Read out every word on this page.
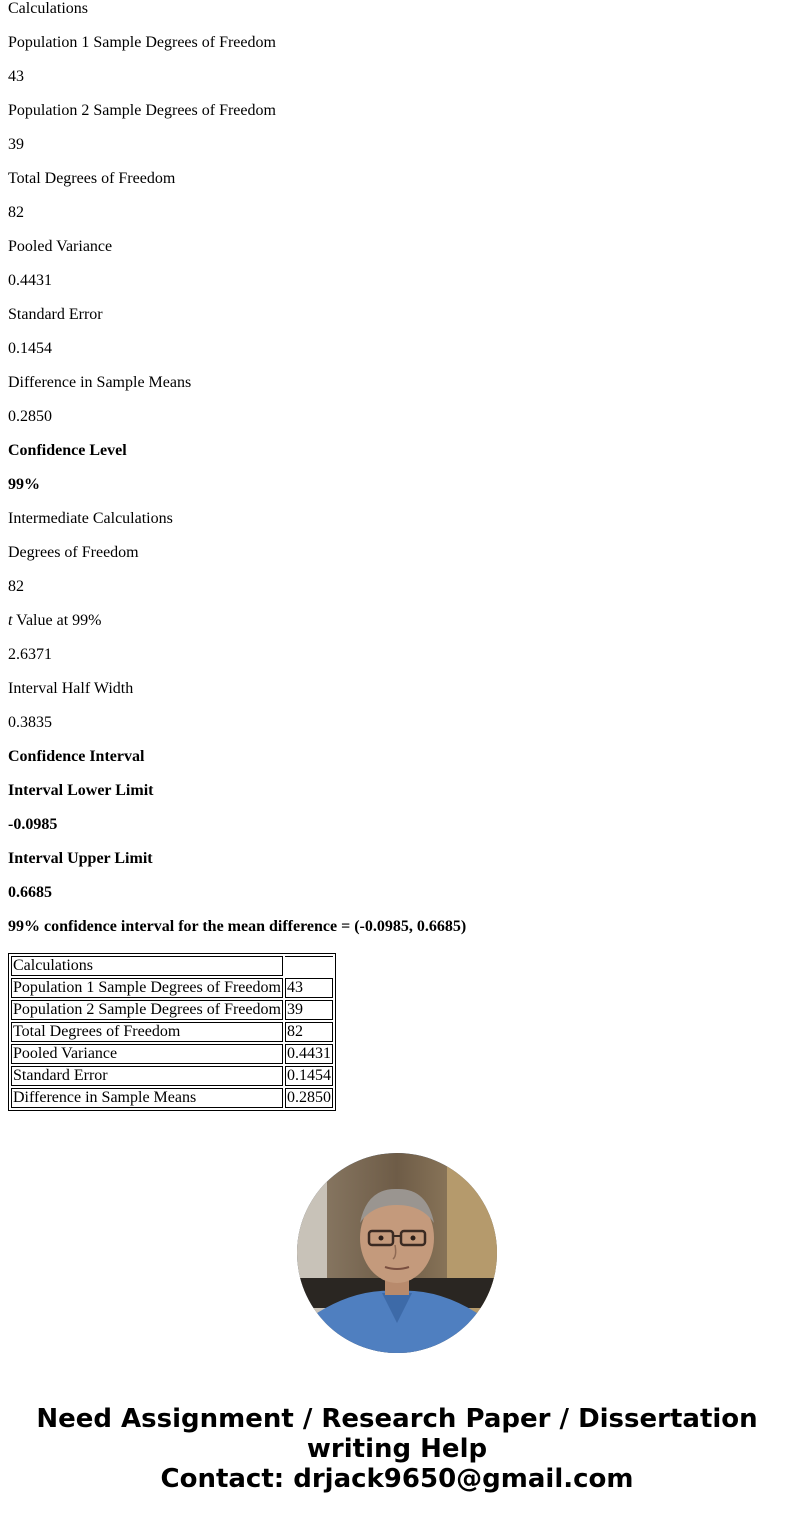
Calculations

Population 1 Sample Degrees of Freedom

43

Population 2 Sample Degrees of Freedom

39

Total Degrees of Freedom

82

Pooled Variance

0.4431

Standard Error

0.1454

Difference in Sample Means

0.2850

Confidence Level

99%

Intermediate Calculations

Degrees of Freedom

82

t Value at 99%

2.6371

Interval Half Width

0.3835

Confidence Interval

Interval Lower Limit

-0.0985

Interval Upper Limit

0.6685

99% confidence interval for the mean difference = (-0.0985, 0.6685)

Calculations	
Population 1 Sample Degrees of Freedom	43
Population 2 Sample Degrees of Freedom	39
Total Degrees of Freedom	82
Pooled Variance	0.4431
Standard Error	0.1454
Difference in Sample Means	0.2850
Need Assignment / Research Paper / Dissertation
writing Help
Contact: drjack9650@gmail.com
